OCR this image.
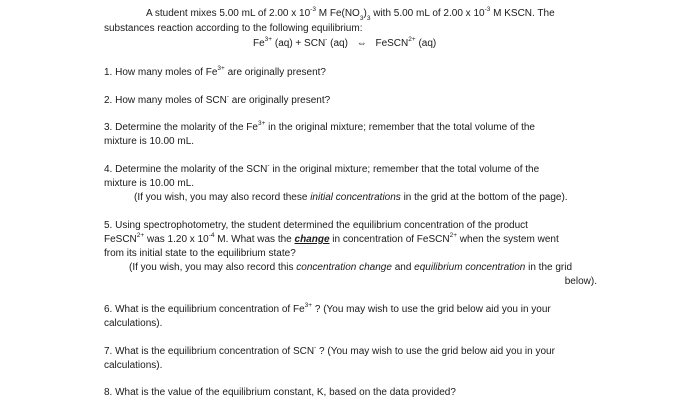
A student mixes 5.00 mL of 2.00 x $10^{-3}$ M $Fe(NO_3)_3$ with 5.00 mL of 2.00 x $10^{-3}$ M KSCN. The
substances reaction according to the following equilibrium:
$Fe^{3+}$ (aq) + SCN- (aq) ⇔ FeSCN$^{2+}$ (aq)
1. How many moles of $Fe^{3+}$ are originally present?
2. How many moles of SCN- are originally present?
3. Determine the molarity of the $Fe^{3+}$ in the original mixture; remember that the total volume of the
mixture is 10.00 mL.
4. Determine the molarity of the SCN- in the original mixture; remember that the total volume of the
mixture is 10.00 mL.
(If you wish, you may also record these initial concentrations in the grid at the bottom of the page).
5. Using spectrophotometry, the student determined the equilibrium concentration of the product
FeSCN$^{2+}$ was 1.20 x $10^{-4}$ M. What was the change in concentration of FeSCN$^{2+}$ when the system went
from its initial state to the equilibrium state?
(If you wish, you may also record this concentration change and equilibrium concentration in the grid
below).
6. What is the equilibrium concentration of $Fe^{3+}$ ? (You may wish to use the grid below aid you in your
calculations).
7. What is the equilibrium concentration of SCN- ? (You may wish to use the grid below aid you in your
calculations).
8. What is the value of the equilibrium constant, K, based on the data provided?
